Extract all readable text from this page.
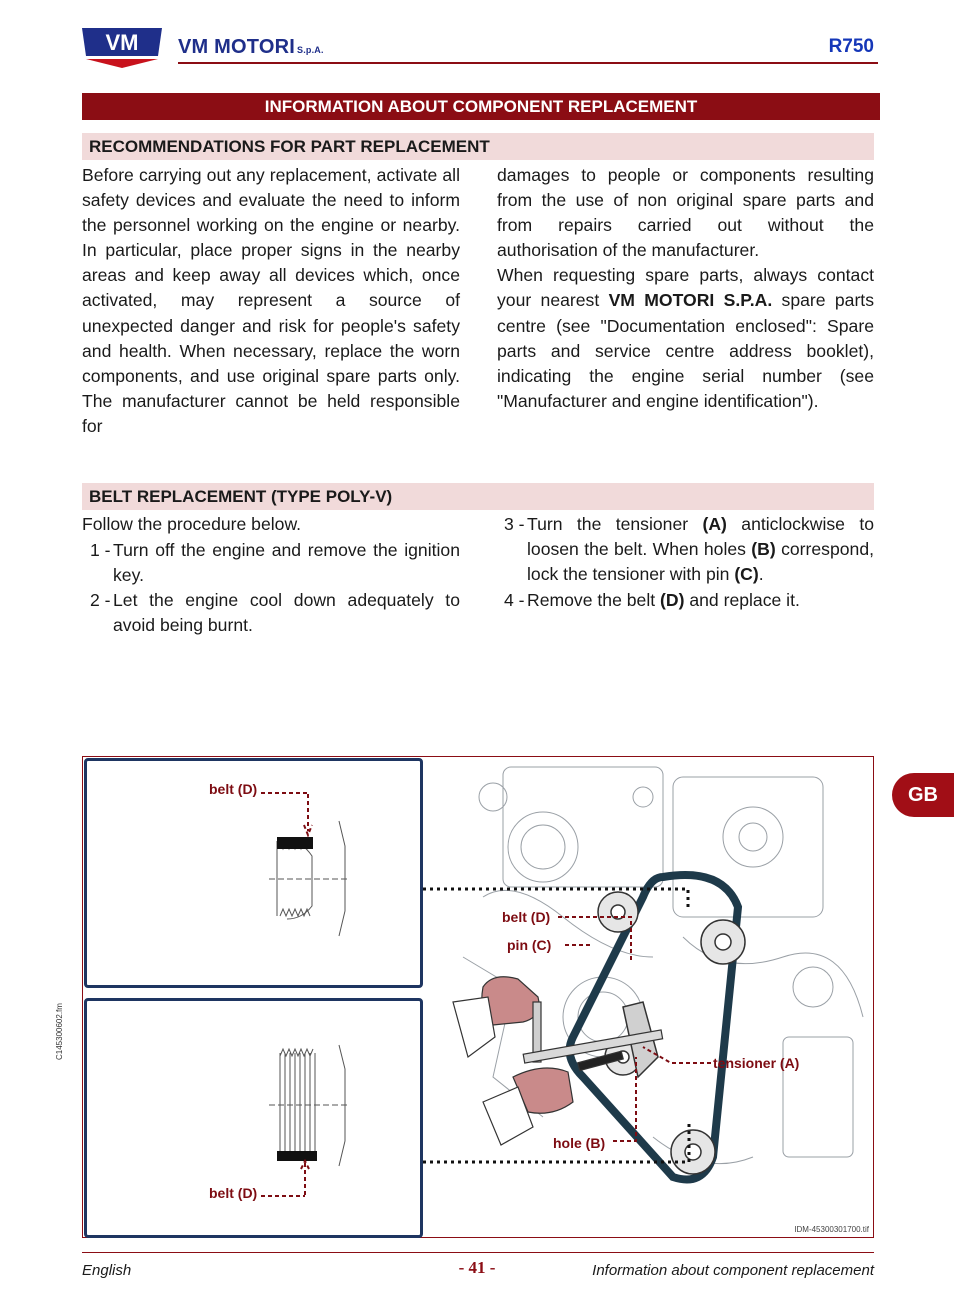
VM VM MOTORI S.p.A.	R750
INFORMATION ABOUT COMPONENT REPLACEMENT
RECOMMENDATIONS FOR PART REPLACEMENT
Before carrying out any replacement, activate all safety devices and evaluate the need to inform the personnel working on the engine or nearby. In particular, place proper signs in the nearby areas and keep away all devices which, once activated, may represent a source of unexpected danger and risk for people's safety and health. When necessary, replace the worn components, and use original spare parts only. The manufacturer cannot be held responsible for
damages to people or components resulting from the use of non original spare parts and from repairs carried out without the authorisation of the manufacturer.
When requesting spare parts, always contact your nearest VM MOTORI S.P.A. spare parts centre (see "Documentation enclosed": Spare parts and service centre address booklet), indicating the engine serial number (see "Manufacturer and engine identification").
BELT REPLACEMENT (TYPE POLY-V)
Follow the procedure below.
1 - Turn off the engine and remove the ignition key.
2 - Let the engine cool down adequately to avoid being burnt.
3 - Turn the tensioner (A) anticlockwise to loosen the belt. When holes (B) correspond, lock the tensioner with pin (C).
4 - Remove the belt (D) and replace it.
belt (D)
belt (D)
belt (D)
pin (C)
tensioner (A)
hole (B)
IDM-45300301700.tif
C145300602.fm
GB
English	- 41 -	Information about component replacement
